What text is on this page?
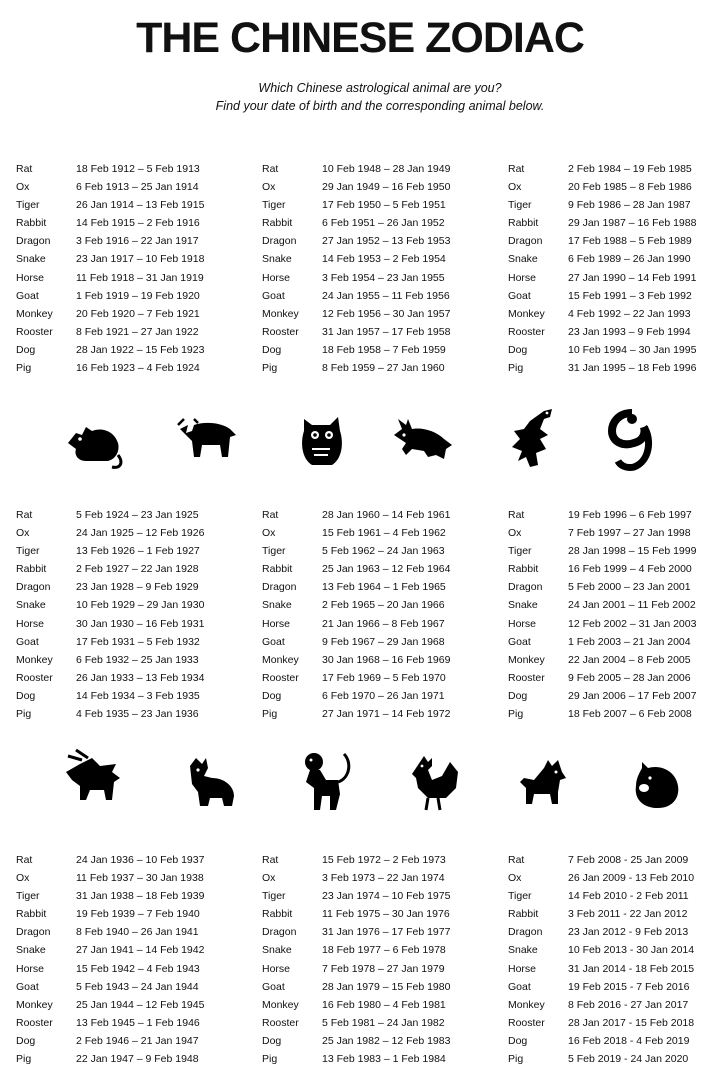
THE CHINESE ZODIAC
Which Chinese astrological animal are you?
Find your date of birth and the corresponding animal below.
Rat	18 Feb 1912 – 5 Feb 1913
Ox	6 Feb 1913 – 25 Jan 1914
Tiger	26 Jan 1914 – 13 Feb 1915
Rabbit	14 Feb 1915 – 2 Feb 1916
Dragon 3 Feb 1916 – 22 Jan 1917
Snake	23 Jan 1917 – 10 Feb 1918
Horse	11 Feb 1918 – 31 Jan 1919
Goat	1 Feb 1919 – 19 Feb 1920
Monkey 20 Feb 1920 – 7 Feb 1921
Rooster 8 Feb 1921 – 27 Jan 1922
Dog	28 Jan 1922 – 15 Feb 1923
Pig	16 Feb 1923 – 4 Feb 1924
Rat	10 Feb 1948 – 28 Jan 1949
Ox	29 Jan 1949 – 16 Feb 1950
Tiger	17 Feb 1950 – 5 Feb 1951
Rabbit	6 Feb 1951 – 26 Jan 1952
Dragon 27 Jan 1952 – 13 Feb 1953
Snake	14 Feb 1953 – 2 Feb 1954
Horse	3 Feb 1954 – 23 Jan 1955
Goat	24 Jan 1955 – 11 Feb 1956
Monkey 12 Feb 1956 – 30 Jan 1957
Rooster 31 Jan 1957 – 17 Feb 1958
Dog	18 Feb 1958 – 7 Feb 1959
Pig	8 Feb 1959 – 27 Jan 1960
Rat	2 Feb 1984 – 19 Feb 1985
Ox	20 Feb 1985 – 8 Feb 1986
Tiger	9 Feb 1986 – 28 Jan 1987
Rabbit	29 Jan 1987 – 16 Feb 1988
Dragon 17 Feb 1988 – 5 Feb 1989
Snake	6 Feb 1989 – 26 Jan 1990
Horse	27 Jan 1990 – 14 Feb 1991
Goat	15 Feb 1991 – 3 Feb 1992
Monkey 4 Feb 1992 – 22 Jan 1993
Rooster 23 Jan 1993 – 9 Feb 1994
Dog	10 Feb 1994 – 30 Jan 1995
Pig	31 Jan 1995 – 18 Feb 1996
Rat	5 Feb 1924 – 23 Jan 1925
Ox	24 Jan 1925 – 12 Feb 1926
Tiger	13 Feb 1926 – 1 Feb 1927
Rabbit	2 Feb 1927 – 22 Jan 1928
Dragon 23 Jan 1928 – 9 Feb 1929
Snake	10 Feb 1929 – 29 Jan 1930
Horse	30 Jan 1930 – 16 Feb 1931
Goat	17 Feb 1931 – 5 Feb 1932
Monkey 6 Feb 1932 – 25 Jan 1933
Rooster 26 Jan 1933 – 13 Feb 1934
Dog	14 Feb 1934 – 3 Feb 1935
Pig	4 Feb 1935 – 23 Jan 1936
Rat	28 Jan 1960 – 14 Feb 1961
Ox	15 Feb 1961 – 4 Feb 1962
Tiger	5 Feb 1962 – 24 Jan 1963
Rabbit	25 Jan 1963 – 12 Feb 1964
Dragon 13 Feb 1964 – 1 Feb 1965
Snake	2 Feb 1965 – 20 Jan 1966
Horse	21 Jan 1966 – 8 Feb 1967
Goat	9 Feb 1967 – 29 Jan 1968
Monkey 30 Jan 1968 – 16 Feb 1969
Rooster 17 Feb 1969 – 5 Feb 1970
Dog	6 Feb 1970 – 26 Jan 1971
Pig	27 Jan 1971 – 14 Feb 1972
Rat	19 Feb 1996 – 6 Feb 1997
Ox	7 Feb 1997 – 27 Jan 1998
Tiger	28 Jan 1998 – 15 Feb 1999
Rabbit	16 Feb 1999 – 4 Feb 2000
Dragon 5 Feb 2000 – 23 Jan 2001
Snake	24 Jan 2001 – 11 Feb 2002
Horse	12 Feb 2002 – 31 Jan 2003
Goat	1 Feb 2003 – 21 Jan 2004
Monkey 22 Jan 2004 – 8 Feb 2005
Rooster 9 Feb 2005 – 28 Jan 2006
Dog	29 Jan 2006 – 17 Feb 2007
Pig	18 Feb 2007 – 6 Feb 2008
Rat	24 Jan 1936 – 10 Feb 1937
Ox	11 Feb 1937 – 30 Jan 1938
Tiger	31 Jan 1938 – 18 Feb 1939
Rabbit	19 Feb 1939 – 7 Feb 1940
Dragon 8 Feb 1940 – 26 Jan 1941
Snake	27 Jan 1941 – 14 Feb 1942
Horse	15 Feb 1942 – 4 Feb 1943
Goat	5 Feb 1943 – 24 Jan 1944
Monkey 25 Jan 1944 – 12 Feb 1945
Rooster 13 Feb 1945 – 1 Feb 1946
Dog	2 Feb 1946 – 21 Jan 1947
Pig	22 Jan 1947 – 9 Feb 1948
Rat	15 Feb 1972 – 2 Feb 1973
Ox	3 Feb 1973 – 22 Jan 1974
Tiger	23 Jan 1974 – 10 Feb 1975
Rabbit	11 Feb 1975 – 30 Jan 1976
Dragon 31 Jan 1976 – 17 Feb 1977
Snake	18 Feb 1977 – 6 Feb 1978
Horse	7 Feb 1978 – 27 Jan 1979
Goat	28 Jan 1979 – 15 Feb 1980
Monkey 16 Feb 1980 – 4 Feb 1981
Rooster 5 Feb 1981 – 24 Jan 1982
Dog	25 Jan 1982 – 12 Feb 1983
Pig	13 Feb 1983 – 1 Feb 1984
Rat	7 Feb 2008 - 25 Jan 2009
Ox	26 Jan 2009 - 13 Feb 2010
Tiger	14 Feb 2010 - 2 Feb 2011
Rabbit	3 Feb 2011 - 22 Jan 2012
Dragon 23 Jan 2012 - 9 Feb 2013
Snake	10 Feb 2013 - 30 Jan 2014
Horse	31 Jan 2014 - 18 Feb 2015
Goat	19 Feb 2015 - 7 Feb 2016
Monkey 8 Feb 2016 - 27 Jan 2017
Rooster 28 Jan 2017 - 15 Feb 2018
Dog	16 Feb 2018 - 4 Feb 2019
Pig	5 Feb 2019 - 24 Jan 2020
